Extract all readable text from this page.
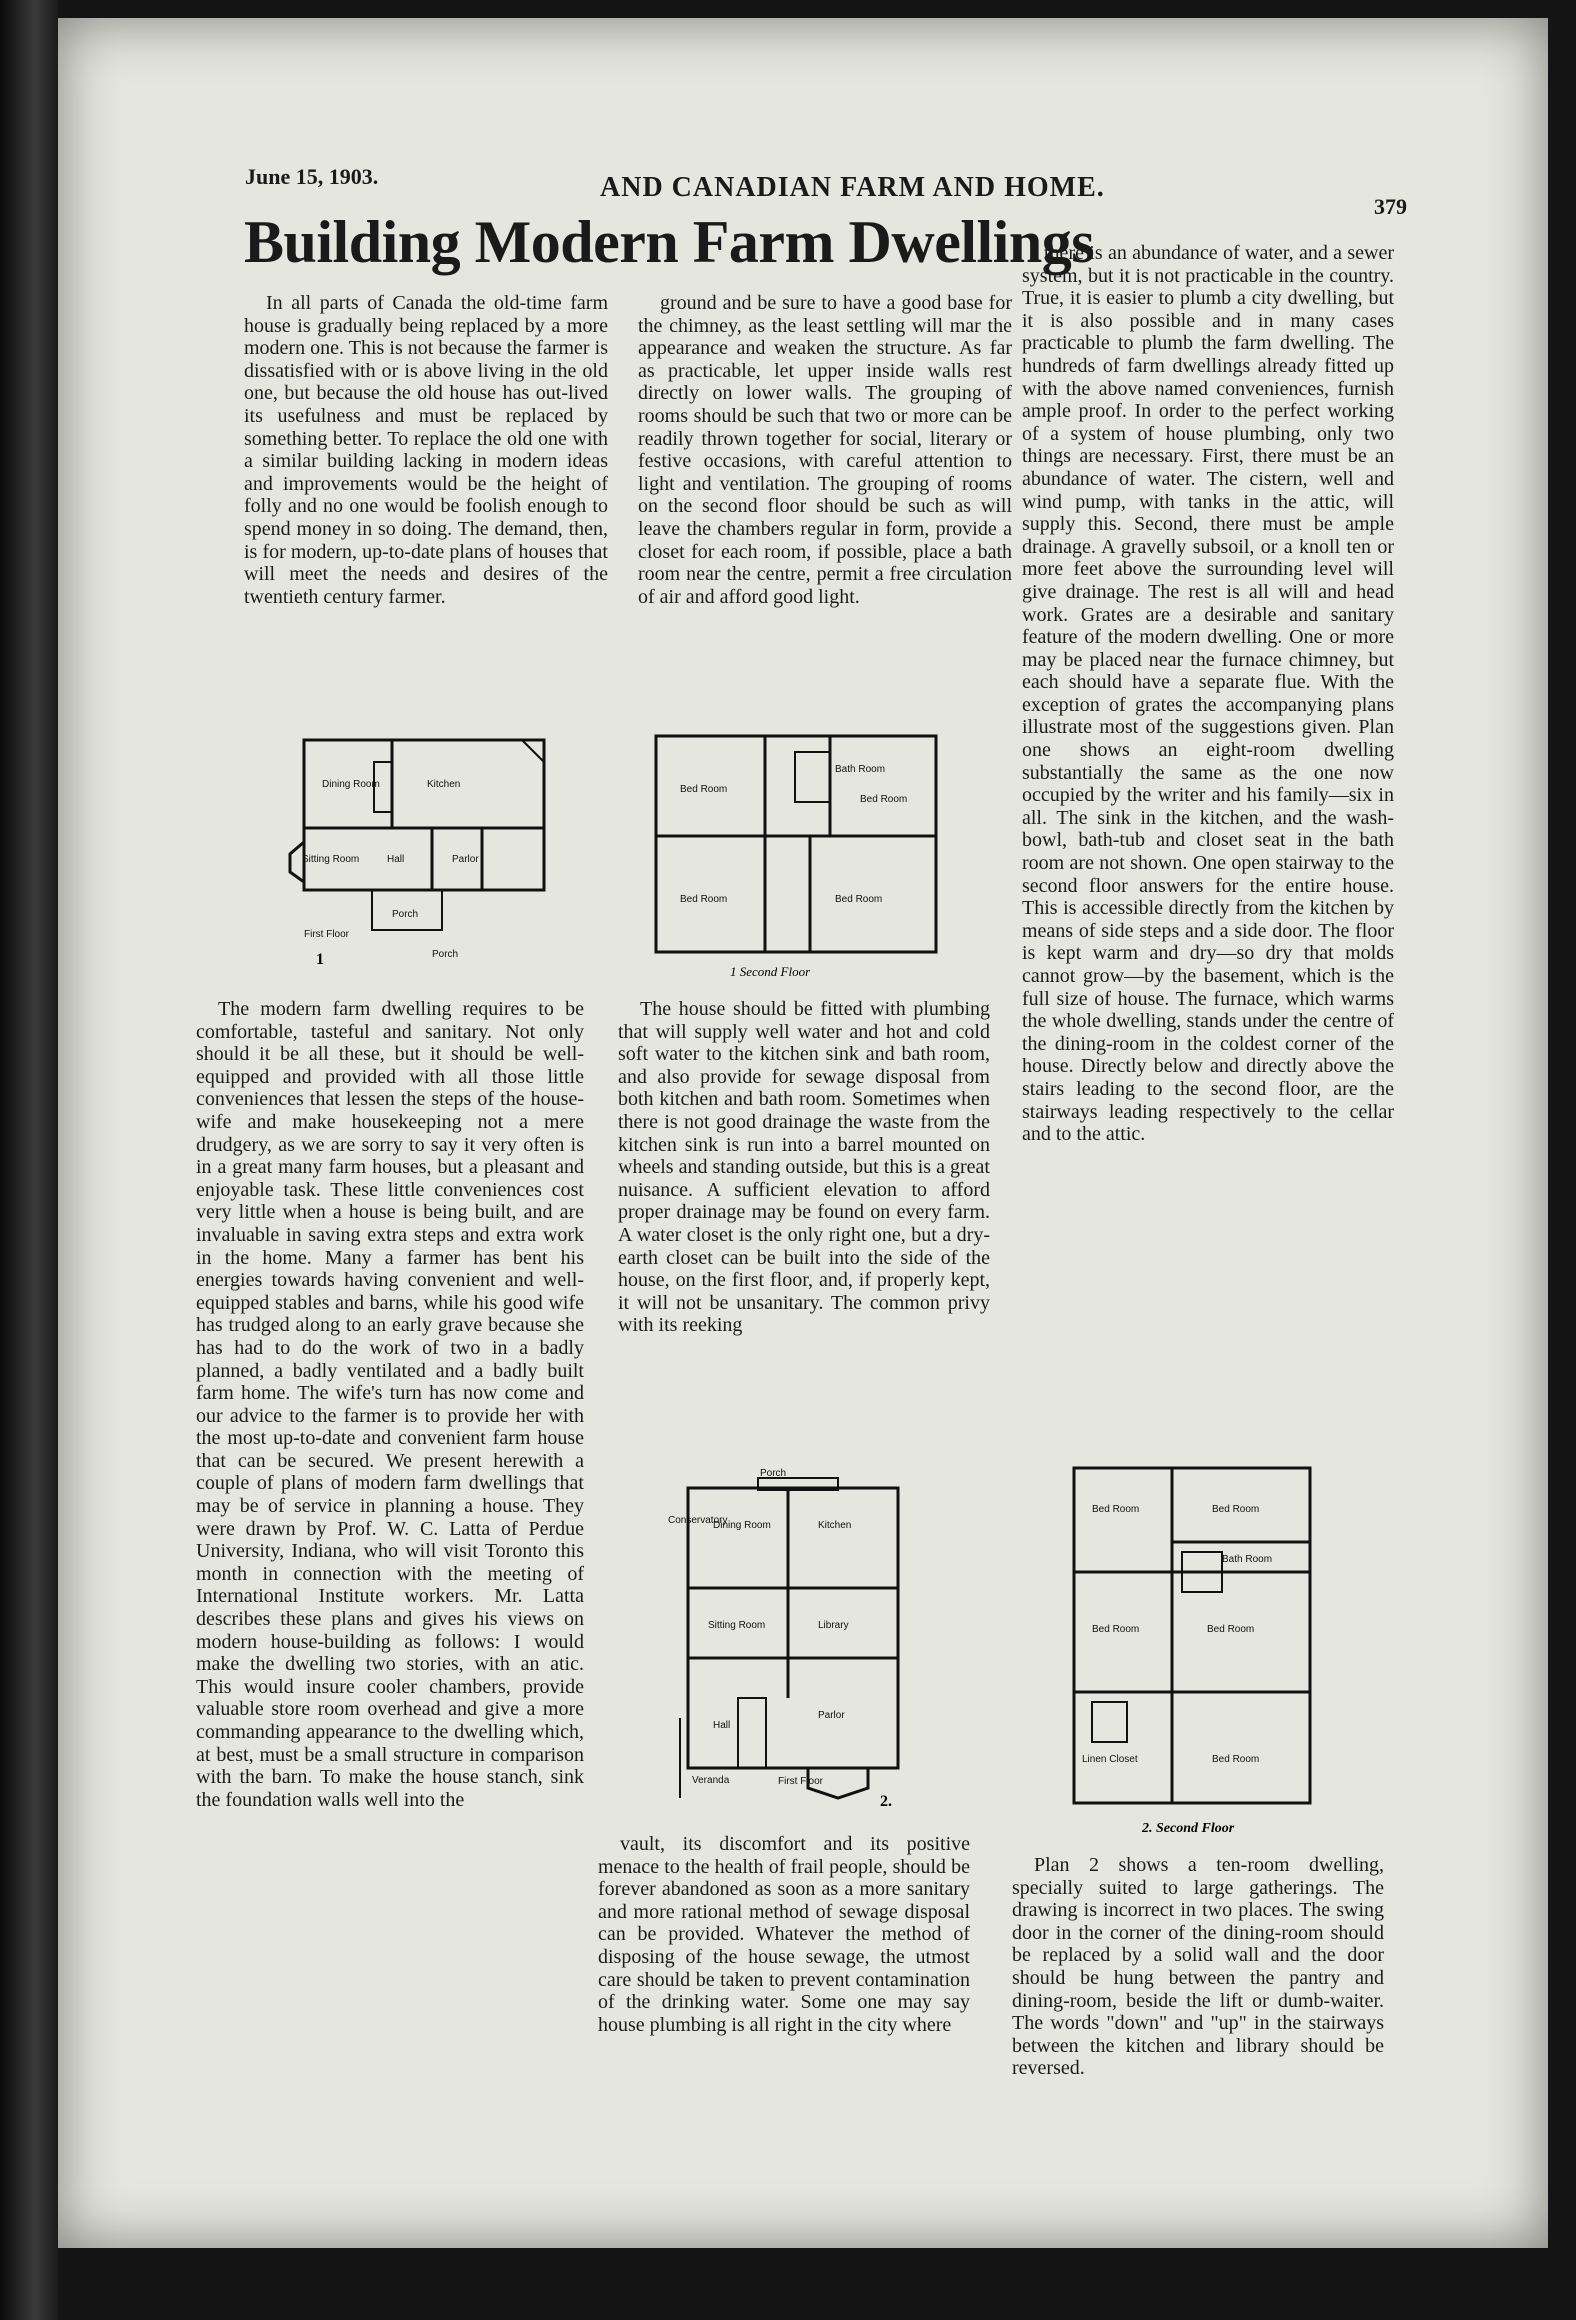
June 15, 1903.	AND CANADIAN FARM AND HOME.
379
Building Modern Farm Dwellings

In all parts of Canada the old-time farm house is gradually being replaced by a more modern one. This is not because the farmer is dissatisfied with or is above living in the old one, but because the old house has out-lived its usefulness and must be replaced by something better. To replace the old one with a similar building lacking in modern ideas and improvements would be the height of folly and no one would be foolish enough to spend money in so doing. The demand, then, is for modern, up-to-date plans of houses that will meet the needs and desires of the twentieth century farmer.

ground and be sure to have a good base for the chimney, as the least settling will mar the appearance and weaken the structure. As far as practicable, let upper inside walls rest directly on lower walls. The grouping of rooms should be such that two or more can be readily thrown together for social, literary or festive occasions, with careful attention to light and ventilation. The grouping of rooms on the second floor should be such as will leave the chambers regular in form, provide a closet for each room, if possible, place a bath room near the centre, permit a free circulation of air and afford good light.

there is an abundance of water, and a sewer system, but it is not practicable in the country. True, it is easier to plumb a city dwelling, but it is also possible and in many cases practicable to plumb the farm dwelling. The hundreds of farm dwellings already fitted up with the above named conveniences, furnish ample proof. In order to the perfect working of a system of house plumbing, only two things are necessary. First, there must be an abundance of water. The cistern, well and wind pump, with tanks in the attic, will supply this. Second, there must be ample drainage. A gravelly subsoil, or a knoll ten or more feet above the surrounding level will give drainage. The rest is all will and head work. Grates are a desirable and sanitary feature of the modern dwelling. One or more may be placed near the furnace chimney, but each should have a separate flue. With the exception of grates the accompanying plans illustrate most of the suggestions given. Plan one shows an eight-room dwelling substantially the same as the one now occupied by the writer and his family—six in all. The sink in the kitchen, and the wash-bowl, bath-tub and closet seat in the bath room are not shown. One open stairway to the second floor answers for the entire house. This is accessible directly from the kitchen by means of side steps and a side door. The floor is kept warm and dry—so dry that molds cannot grow—by the basement, which is the full size of house. The furnace, which warms the whole dwelling, stands under the centre of the dining-room in the coldest corner of the house. Directly below and directly above the stairs leading to the second floor, are the stairways leading respectively to the cellar and to the attic.

The modern farm dwelling requires to be comfortable, tasteful and sanitary. Not only should it be all these, but it should be well-equipped and provided with all those little conveniences that lessen the steps of the house-wife and make housekeeping not a mere drudgery, as we are sorry to say it very often is in a great many farm houses, but a pleasant and enjoyable task. These little conveniences cost very little when a house is being built, and are invaluable in saving extra steps and extra work in the home. Many a farmer has bent his energies towards having convenient and well-equipped stables and barns, while his good wife has trudged along to an early grave because she has had to do the work of two in a badly planned, a badly ventilated and a badly built farm home. The wife's turn has now come and our advice to the farmer is to provide her with the most up-to-date and convenient farm house that can be secured. We present herewith a couple of plans of modern farm dwellings that may be of service in planning a house. They were drawn by Prof. W. C. Latta of Perdue University, Indiana, who will visit Toronto this month in connection with the meeting of International Institute workers. Mr. Latta describes these plans and gives his views on modern house-building as follows: I would make the dwelling two stories, with an atic. This would insure cooler chambers, provide valuable store room overhead and give a more commanding appearance to the dwelling which, at best, must be a small structure in comparison with the barn. To make the house stanch, sink the foundation walls well into the

The house should be fitted with plumbing that will supply well water and hot and cold soft water to the kitchen sink and bath room, and also provide for sewage disposal from both kitchen and bath room. Sometimes when there is not good drainage the waste from the kitchen sink is run into a barrel mounted on wheels and standing outside, but this is a great nuisance. A sufficient elevation to afford proper drainage may be found on every farm. A water closet is the only right one, but a dry-earth closet can be built into the side of the house, on the first floor, and, if properly kept, it will not be unsanitary. The common privy with its reeking

vault, its discomfort and its positive menace to the health of frail people, should be forever abandoned as soon as a more sanitary and more rational method of sewage disposal can be provided. Whatever the method of disposing of the house sewage, the utmost care should be taken to prevent contamination of the drinking water. Some one may say house plumbing is all right in the city where

Plan 2 shows a ten-room dwelling, specially suited to large gatherings. The drawing is incorrect in two places. The swing door in the corner of the dining-room should be replaced by a solid wall and the door should be hung between the pantry and dining-room, beside the lift or dumb-waiter. The words "down" and "up" in the stairways between the kitchen and library should be reversed.

Dining Room	Kitchen
Sitting Room	Hall	Parlor
Porch
First Floor
Porch
1
Bed Room
Bath Room
Bed Room
Bed Room	Bed Room
1 Second Floor
Porch
Conservatory
Dining Room	Kitchen
Sitting Room	Library
Hall
Parlor
Veranda	First Floor
2.
Bed Room	Bed Room
Bath Room
Bed Room	Bed Room
Linen Closet	Bed Room
2. Second Floor
